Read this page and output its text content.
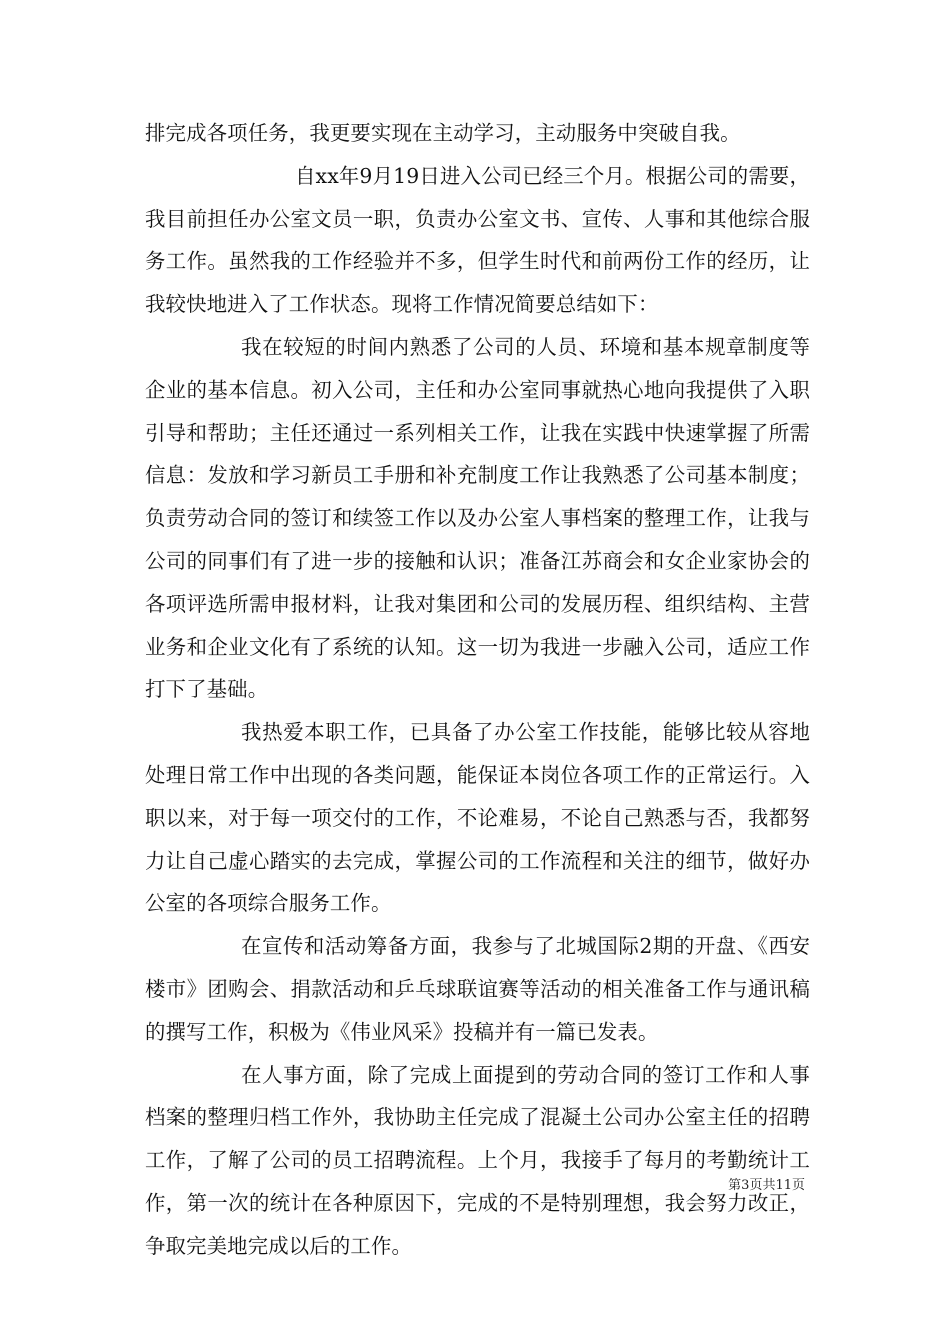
排完成各项任务，我更要实现在主动学习，主动服务中突破自我。

自xx年9月19日进入公司已经三个月。根据公司的需要，我目前担任办公室文员一职，负责办公室文书、宣传、人事和其他综合服务工作。虽然我的工作经验并不多，但学生时代和前两份工作的经历，让我较快地进入了工作状态。现将工作情况简要总结如下：

我在较短的时间内熟悉了公司的人员、环境和基本规章制度等企业的基本信息。初入公司，主任和办公室同事就热心地向我提供了入职引导和帮助；主任还通过一系列相关工作，让我在实践中快速掌握了所需信息：发放和学习新员工手册和补充制度工作让我熟悉了公司基本制度；负责劳动合同的签订和续签工作以及办公室人事档案的整理工作，让我与公司的同事们有了进一步的接触和认识；准备江苏商会和女企业家协会的各项评选所需申报材料，让我对集团和公司的发展历程、组织结构、主营业务和企业文化有了系统的认知。这一切为我进一步融入公司，适应工作打下了基础。

我热爱本职工作，已具备了办公室工作技能，能够比较从容地处理日常工作中出现的各类问题，能保证本岗位各项工作的正常运行。入职以来，对于每一项交付的工作，不论难易，不论自己熟悉与否，我都努力让自己虚心踏实的去完成，掌握公司的工作流程和关注的细节，做好办公室的各项综合服务工作。

在宣传和活动筹备方面，我参与了北城国际2期的开盘、《西安楼市》团购会、捐款活动和乒乓球联谊赛等活动的相关准备工作与通讯稿的撰写工作，积极为《伟业风采》投稿并有一篇已发表。

在人事方面，除了完成上面提到的劳动合同的签订工作和人事档案的整理归档工作外，我协助主任完成了混凝土公司办公室主任的招聘工作，了解了公司的员工招聘流程。上个月，我接手了每月的考勤统计工作，第一次的统计在各种原因下，完成的不是特别理想，我会努力改正，争取完美地完成以后的工作。

第3页共11页
